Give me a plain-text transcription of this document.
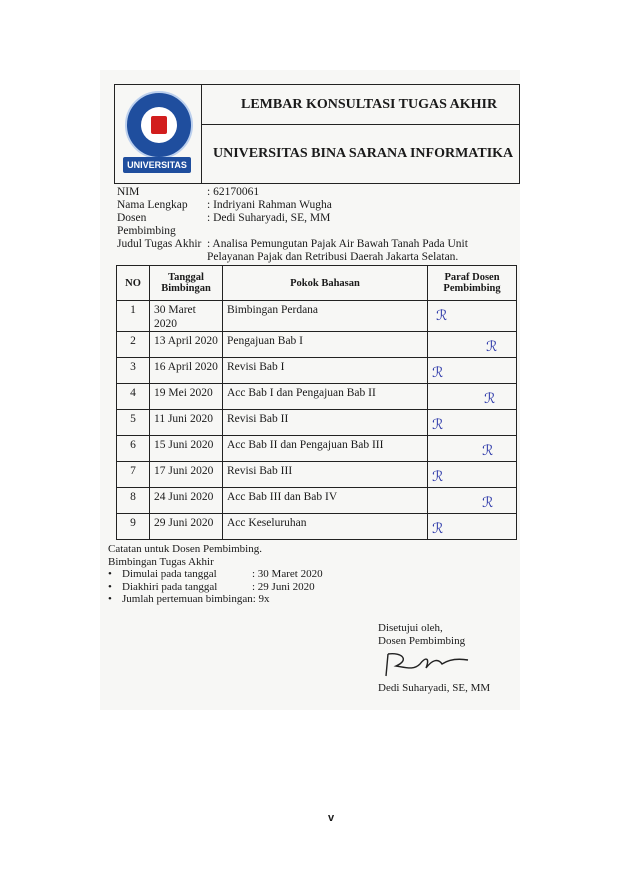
UNIVERSITAS
LEMBAR KONSULTASI TUGAS AKHIR
UNIVERSITAS BINA SARANA INFORMATIKA
NIM	: 62170061
Nama Lengkap	: Indriyani Rahman Wugha
Dosen Pembimbing
: Dedi Suharyadi, SE, MM
Judul Tugas Akhir : Analisa Pemungutan Pajak Air Bawah Tanah Pada Unit Pelayanan Pajak dan Retribusi Daerah Jakarta Selatan.
NO	Tanggal Bimbingan	Pokok Bahasan	Paraf Dosen Pembimbing
1	30 Maret 2020	Bimbingan Perdana	ℛ

2	13 April 2020	Pengajuan Bab I	ℛ

3	16 April 2020	Revisi Bab I	ℛ

4	19 Mei 2020	Acc Bab I dan Pengajuan Bab II	ℛ

5	11 Juni 2020	Revisi Bab II	ℛ

6	15 Juni 2020	Acc Bab II dan Pengajuan Bab III	ℛ

7	17 Juni 2020	Revisi Bab III	ℛ

8	24 Juni 2020	Acc Bab III dan Bab IV	ℛ

9	29 Juni 2020	Acc Keseluruhan	ℛ
Catatan untuk Dosen Pembimbing.
Bimbingan Tugas Akhir
• Dimulai pada tanggal	: 30 Maret 2020
• Diakhiri pada tanggal	: 29 Juni 2020
• Jumlah pertemuan bimbingan : 9x
Disetujui oleh,
Dosen Pembimbing
Dedi Suharyadi, SE, MM
v
